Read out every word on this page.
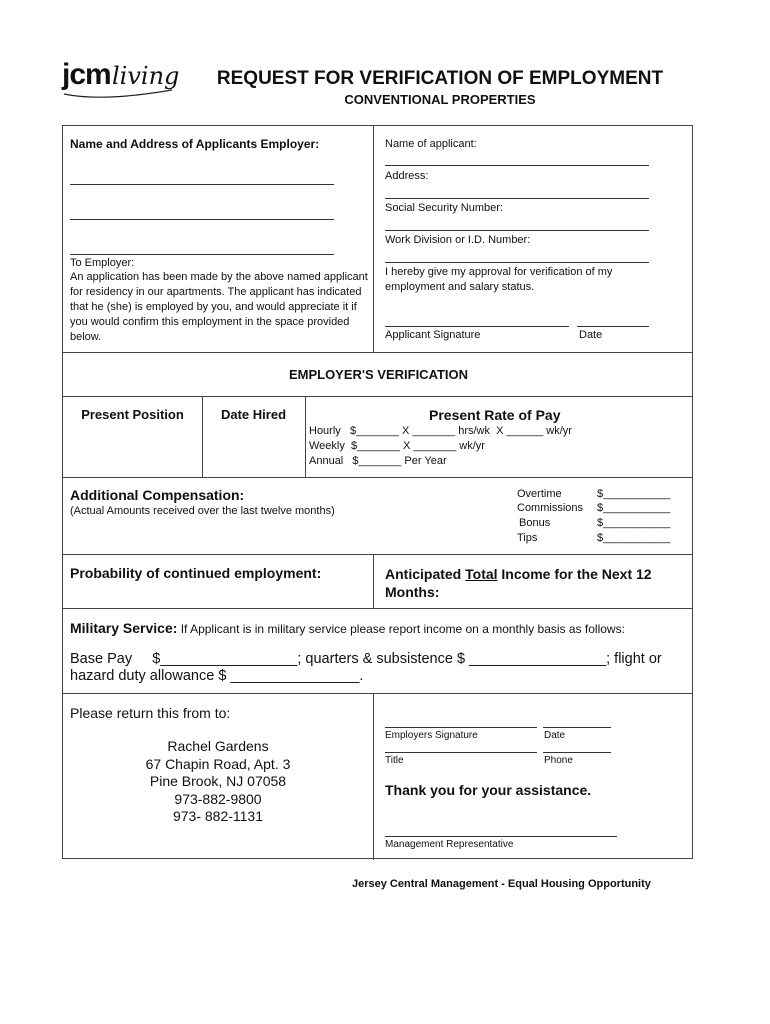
jcm living	REQUEST FOR VERIFICATION OF EMPLOYMENT
CONVENTIONAL PROPERTIES
Name and Address of Applicants Employer:
To Employer:
An application has been made by the above named applicant for residency in our apartments. The applicant has indicated that he (she) is employed by you, and would appreciate it if you would confirm this employment in the space provided below.
Name of applicant:
Address:
Social Security Number:
Work Division or I.D. Number:
I hereby give my approval for verification of my employment and salary status.
Applicant Signature	Date
EMPLOYER'S VERIFICATION
Present Position	Date Hired	Present Rate of Pay
Hourly   $_______ X _______ hrs/wk  X ______ wk/yr
Weekly  $_______ X _______ wk/yr
Annual   $_______ Per Year
Additional Compensation:
(Actual Amounts received over the last twelve months)
Overtime	$___________
Commissions $___________
Bonus	$___________
Tips	$___________
Probability of continued employment:	Anticipated Total Income for the Next 12 Months:
Military Service: If Applicant is in military service please report income on a monthly basis as follows:
Base Pay     $_________________; quarters & subsistence $ _________________; flight or
hazard duty allowance $ ________________.
Please return this from to:
Rachel Gardens
67 Chapin Road, Apt. 3
Pine Brook, NJ 07058
973-882-9800
973- 882-1131
Employers Signature	Date
Title	Phone
Thank you for your assistance.
Management Representative
Jersey Central Management - Equal Housing Opportunity
